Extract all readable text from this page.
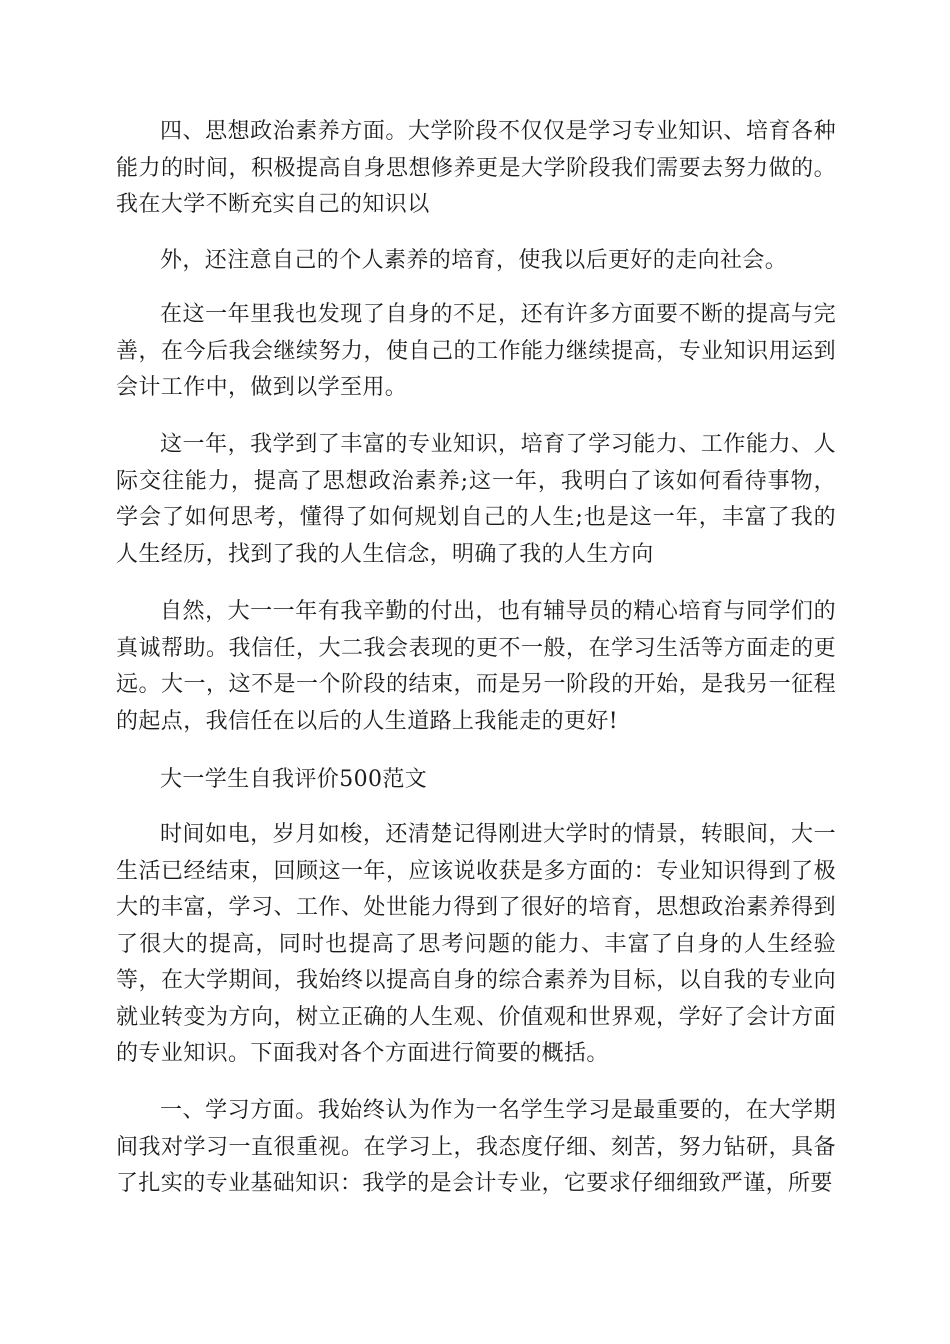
四、思想政治素养方面。大学阶段不仅仅是学习专业知识、培育各种能力的时间，积极提高自身思想修养更是大学阶段我们需要去努力做的。我在大学不断充实自己的知识以

外，还注意自己的个人素养的培育，使我以后更好的走向社会。

在这一年里我也发现了自身的不足，还有许多方面要不断的提高与完善，在今后我会继续努力，使自己的工作能力继续提高，专业知识用运到会计工作中，做到以学至用。

这一年，我学到了丰富的专业知识，培育了学习能力、工作能力、人际交往能力，提高了思想政治素养;这一年，我明白了该如何看待事物，学会了如何思考，懂得了如何规划自己的人生;也是这一年，丰富了我的人生经历，找到了我的人生信念，明确了我的人生方向

自然，大一一年有我辛勤的付出，也有辅导员的精心培育与同学们的真诚帮助。我信任，大二我会表现的更不一般，在学习生活等方面走的更远。大一，这不是一个阶段的结束，而是另一阶段的开始，是我另一征程的起点，我信任在以后的人生道路上我能走的更好!

大一学生自我评价500范文

时间如电，岁月如梭，还清楚记得刚进大学时的情景，转眼间，大一生活已经结束，回顾这一年，应该说收获是多方面的：专业知识得到了极大的丰富，学习、工作、处世能力得到了很好的培育，思想政治素养得到了很大的提高，同时也提高了思考问题的能力、丰富了自身的人生经验等，在大学期间，我始终以提高自身的综合素养为目标，以自我的专业向就业转变为方向，树立正确的人生观、价值观和世界观，学好了会计方面的专业知识。下面我对各个方面进行简要的概括。

一、学习方面。我始终认为作为一名学生学习是最重要的，在大学期间我对学习一直很重视。在学习上，我态度仔细、刻苦，努力钻研，具备了扎实的专业基础知识：我学的是会计专业，它要求仔细细致严谨，所要
